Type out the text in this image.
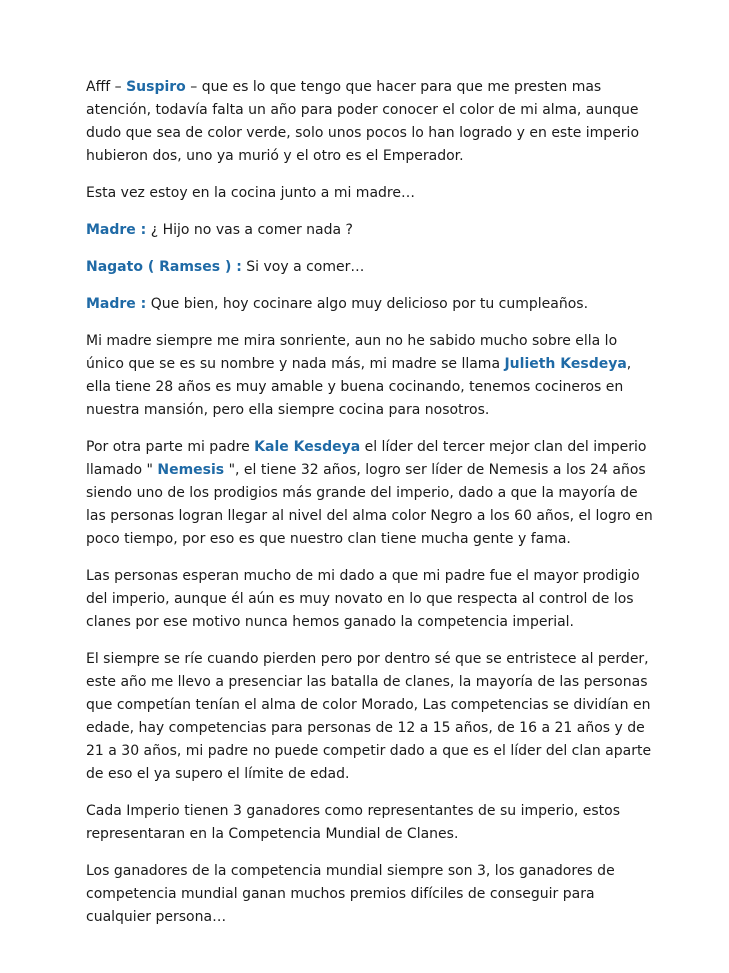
Afff – Suspiro – que es lo que tengo que hacer para que me presten mas atención, todavía falta un año para poder conocer el color de mi alma, aunque dudo que sea de color verde, solo unos pocos lo han logrado y en este imperio hubieron dos, uno ya murió y el otro es el Emperador.

Esta vez estoy en la cocina junto a mi madre…

Madre : ¿ Hijo no vas a comer nada ?

Nagato ( Ramses ) : Si voy a comer…

Madre : Que bien, hoy cocinare algo muy delicioso por tu cumpleaños.

Mi madre siempre me mira sonriente, aun no he sabido mucho sobre ella lo único que se es su nombre y nada más, mi madre se llama Julieth Kesdeya, ella tiene 28 años es muy amable y buena cocinando, tenemos cocineros en nuestra mansión, pero ella siempre cocina para nosotros.

Por otra parte mi padre Kale Kesdeya el líder del tercer mejor clan del imperio llamado " Nemesis ", el tiene 32 años, logro ser líder de Nemesis a los 24 años siendo uno de los prodigios más grande del imperio, dado a que la mayoría de las personas logran llegar al nivel del alma color Negro a los 60 años, el logro en poco tiempo, por eso es que nuestro clan tiene mucha gente y fama.

Las personas esperan mucho de mi dado a que mi padre fue el mayor prodigio del imperio, aunque él aún es muy novato en lo que respecta al control de los clanes por ese motivo nunca hemos ganado la competencia imperial.

El siempre se ríe cuando pierden pero por dentro sé que se entristece al perder, este año me llevo a presenciar las batalla de clanes, la mayoría de las personas que competían tenían el alma de color Morado, Las competencias se dividían en edade, hay competencias para personas de 12 a 15 años, de 16 a 21 años y de 21 a 30 años, mi padre no puede competir dado a que es el líder del clan aparte de eso el ya supero el límite de edad.

Cada Imperio tienen 3 ganadores como representantes de su imperio, estos representaran en la Competencia Mundial de Clanes.

Los ganadores de la competencia mundial siempre son 3, los ganadores de competencia mundial ganan muchos premios difíciles de conseguir para cualquier persona…
